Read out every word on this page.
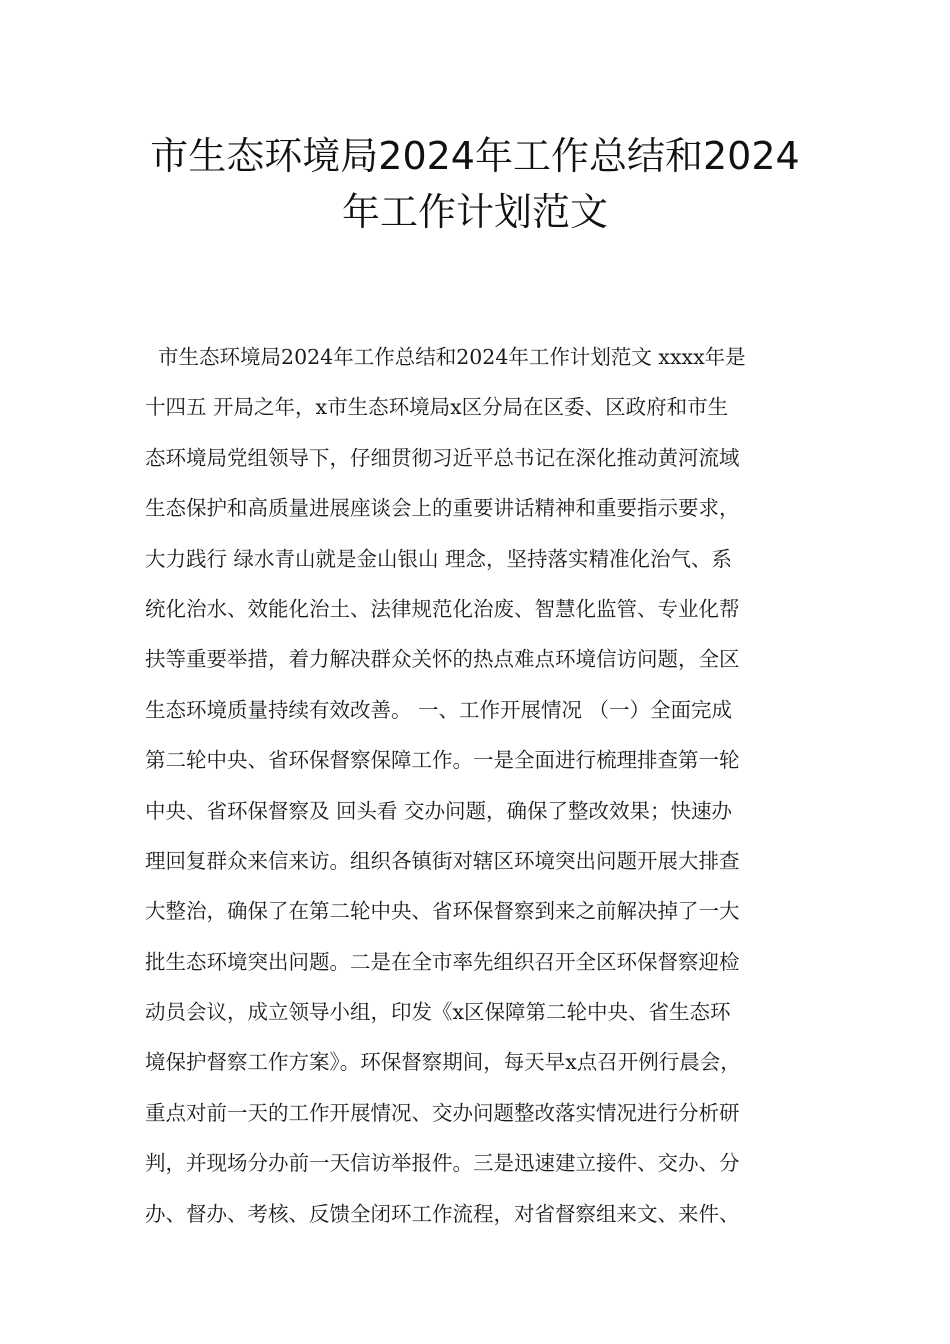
市生态环境局2024年工作总结和2024
年工作计划范文
市生态环境局2024年工作总结和2024年工作计划范文 xxxx年是
十四五 开局之年，x市生态环境局x区分局在区委、区政府和市生
态环境局党组领导下，仔细贯彻习近平总书记在深化推动黄河流域
生态保护和高质量进展座谈会上的重要讲话精神和重要指示要求，
大力践行 绿水青山就是金山银山 理念，坚持落实精准化治气、系
统化治水、效能化治土、法律规范化治废、智慧化监管、专业化帮
扶等重要举措，着力解决群众关怀的热点难点环境信访问题，全区
生态环境质量持续有效改善。 一、工作开展情况 （一）全面完成
第二轮中央、省环保督察保障工作。一是全面进行梳理排查第一轮
中央、省环保督察及 回头看 交办问题，确保了整改效果；快速办
理回复群众来信来访。组织各镇街对辖区环境突出问题开展大排查
大整治，确保了在第二轮中央、省环保督察到来之前解决掉了一大
批生态环境突出问题。二是在全市率先组织召开全区环保督察迎检
动员会议，成立领导小组，印发《x区保障第二轮中央、省生态环
境保护督察工作方案》。环保督察期间，每天早x点召开例行晨会，
重点对前一天的工作开展情况、交办问题整改落实情况进行分析研
判，并现场分办前一天信访举报件。三是迅速建立接件、交办、分
办、督办、考核、反馈全闭环工作流程，对省督察组来文、来件、
